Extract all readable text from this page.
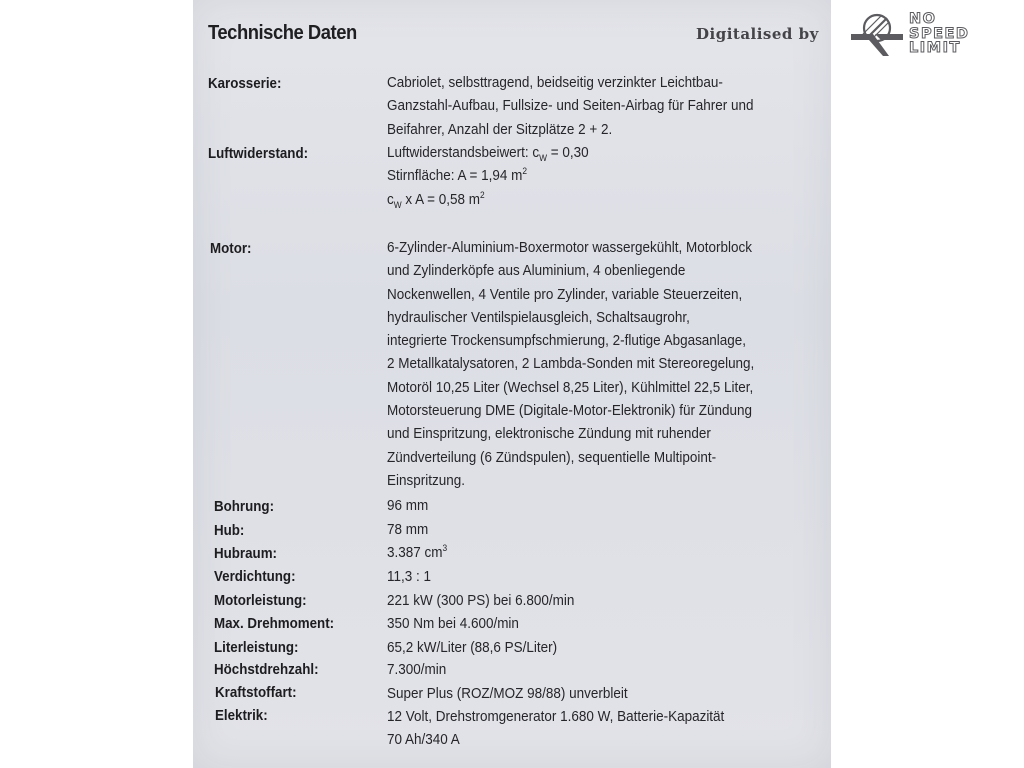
Technische Daten	Digitalised by
NO
SPEED
LIMIT
Karosserie:	Cabriolet, selbsttragend, beidseitig verzinkter Leichtbau-
Ganzstahl-Aufbau, Fullsize- und Seiten-Airbag für Fahrer und
Beifahrer, Anzahl der Sitzplätze 2 + 2.
Luftwiderstand:	Luftwiderstandsbeiwert: $c_W = 0,30$
Stirnfläche: A = 1,94 $m^2$
$c_W$ x A = 0,58 $m^2$
Motor:	6-Zylinder-Aluminium-Boxermotor wassergekühlt, Motorblock
und Zylinderköpfe aus Aluminium, 4 obenliegende
Nockenwellen, 4 Ventile pro Zylinder, variable Steuerzeiten,
hydraulischer Ventilspielausgleich, Schaltsaugrohr,
integrierte Trockensumpfschmierung, 2-flutige Abgasanlage,
2 Metallkatalysatoren, 2 Lambda-Sonden mit Stereoregelung,
Motoröl 10,25 Liter (Wechsel 8,25 Liter), Kühlmittel 22,5 Liter,
Motorsteuerung DME (Digitale-Motor-Elektronik) für Zündung
und Einspritzung, elektronische Zündung mit ruhender
Zündverteilung (6 Zündspulen), sequentielle Multipoint-
Einspritzung.
Bohrung:	96 mm
Hub:	78 mm
Hubraum:	3.387 $cm^3$
Verdichtung:	11,3 : 1
Motorleistung:	221 kW (300 PS) bei 6.800/min
Max. Drehmoment:	350 Nm bei 4.600/min
Literleistung:	65,2 kW/Liter (88,6 PS/Liter)
Höchstdrehzahl:	7.300/min
Kraftstoffart:	Super Plus (ROZ/MOZ 98/88) unverbleit
Elektrik:	12 Volt, Drehstromgenerator 1.680 W, Batterie-Kapazität
70 Ah/340 A
